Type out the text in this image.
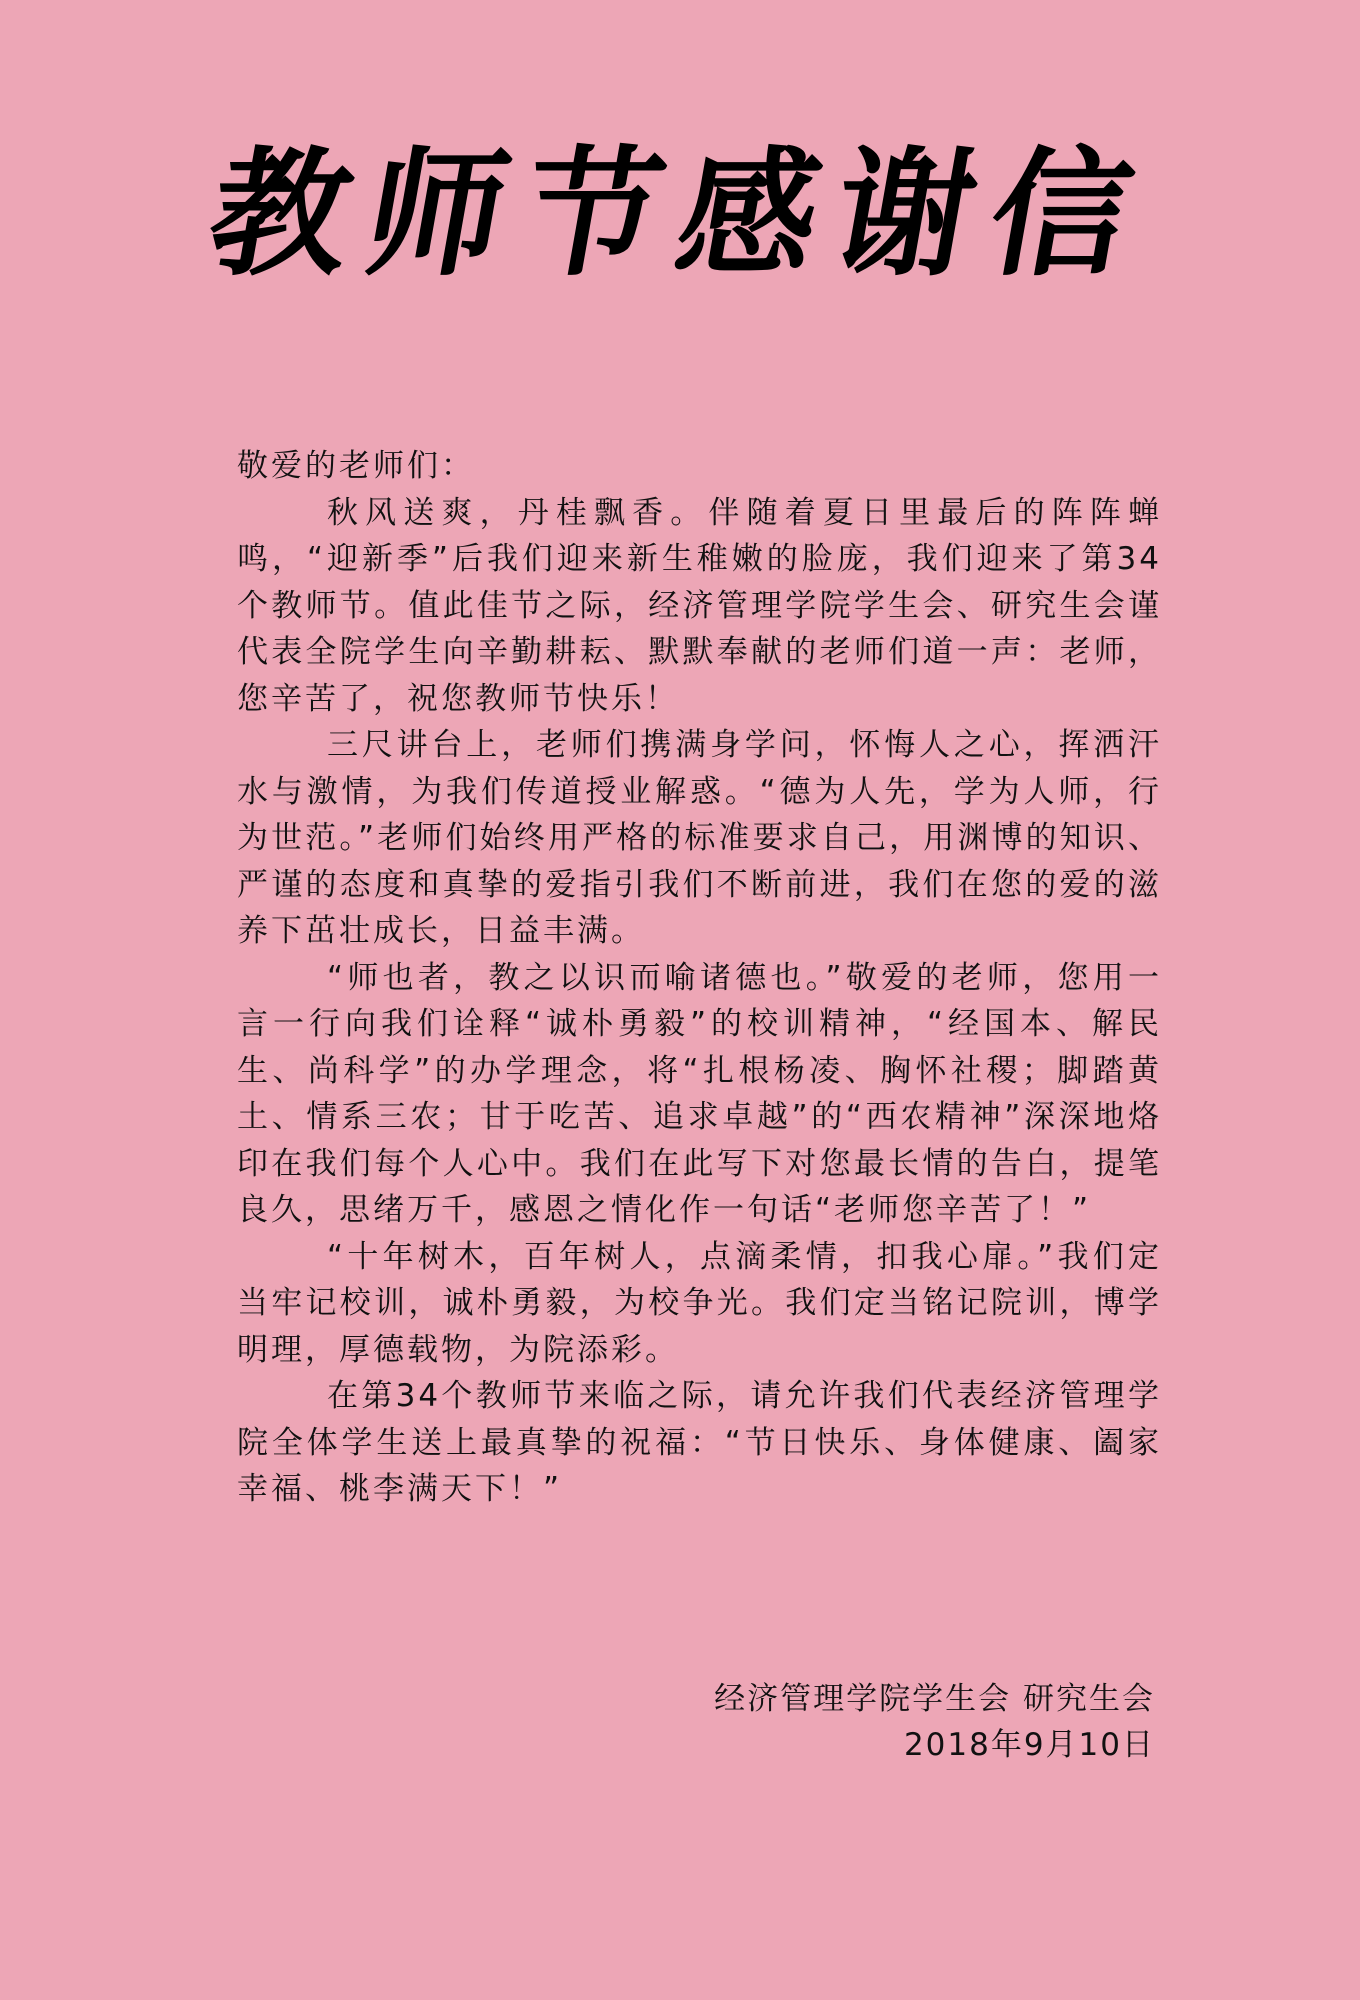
教师节感谢信
敬爱的老师们：
秋风送爽，丹桂飘香。伴随着夏日里最后的阵阵蝉鸣，“迎新季”后我们迎来新生稚嫩的脸庞，我们迎来了第34个教师节。值此佳节之际，经济管理学院学生会、研究生会谨代表全院学生向辛勤耕耘、默默奉献的老师们道一声：老师，您辛苦了，祝您教师节快乐！
三尺讲台上，老师们携满身学问，怀悔人之心，挥洒汗水与激情，为我们传道授业解惑。“德为人先，学为人师，行为世范。”老师们始终用严格的标准要求自己，用渊博的知识、严谨的态度和真挚的爱指引我们不断前进，我们在您的爱的滋养下茁壮成长，日益丰满。
“师也者，教之以识而喻诸德也。”敬爱的老师，您用一言一行向我们诠释“诚朴勇毅”的校训精神，“经国本、解民生、尚科学”的办学理念，将“扎根杨凌、胸怀社稷；脚踏黄土、情系三农；甘于吃苦、追求卓越”的“西农精神”深深地烙印在我们每个人心中。我们在此写下对您最长情的告白，提笔良久，思绪万千，感恩之情化作一句话“老师您辛苦了！”
“十年树木，百年树人，点滴柔情，扣我心扉。”我们定当牢记校训，诚朴勇毅，为校争光。我们定当铭记院训，博学明理，厚德载物，为院添彩。
在第34个教师节来临之际，请允许我们代表经济管理学院全体学生送上最真挚的祝福：“节日快乐、身体健康、阖家幸福、桃李满天下！”
经济管理学院学生会 研究生会
2018年9月10日
